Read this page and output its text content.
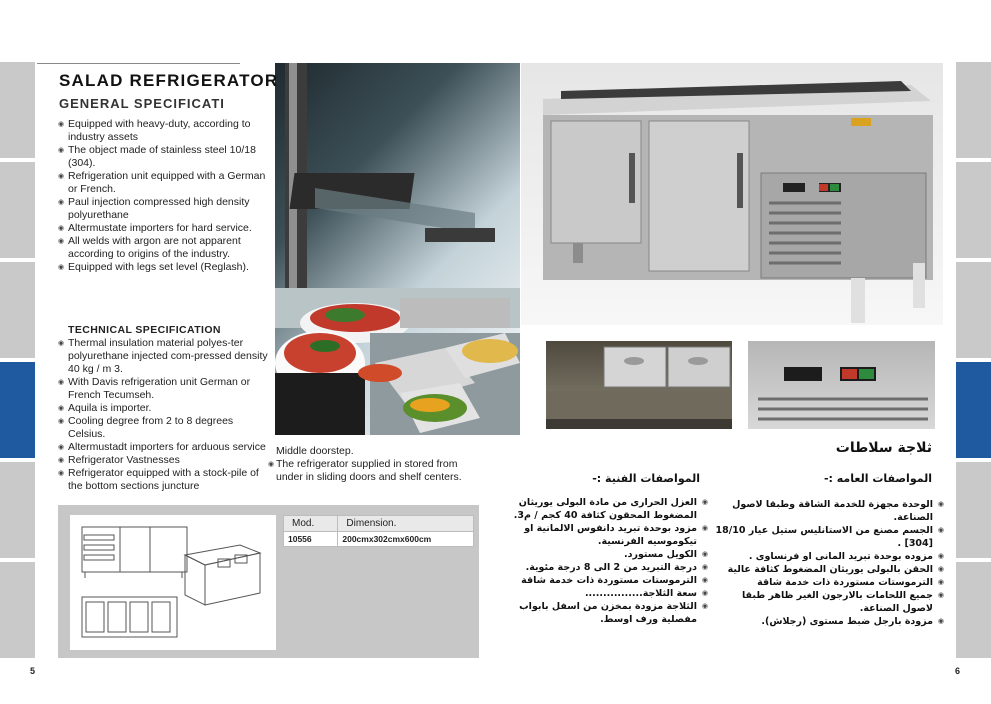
SALAD REFRIGERATOR
GENERAL SPECIFICATI
◉ Equipped with heavy-duty, according to industry assets
◉ The object made of stainless steel 10/18 (304).
◉ Refrigeration unit equipped with a German or French.
◉ Paul injection compressed high density polyurethane
◉ Altermustate importers for hard service.
◉ All welds with argon are not apparent according to origins of the industry.
◉ Equipped with legs set level (Reglash).
TECHNICAL SPECIFICATION
◉ Thermal insulation material polyes-ter polyurethane injected com-pressed density 40 kg / m 3.
◉ With Davis refrigeration unit German or French Tecumseh.
◉ Aquila is importer.
◉ Cooling degree from 2 to 8 degrees Celsius.
◉ Altermustadt importers for arduous service
◉ Refrigerator Vastnesses
◉ Refrigerator equipped with a stock-pile of the bottom sections juncture
Middle doorstep.
◉ The refrigerator supplied in stored from under in sliding doors and shelf centers.
Mod.	Dimension.
10556	200cmx302cmx600cm
ثلاجة سلاطات
المواصفات العامه :-
المواصفات الفنية :-
◉ الوحدة مجهزة للخدمة الشاقة وطبقا لاصول الصناعة.
◉ الجسم مصنع من الاستانليس ستيل عيار 18/10 [304] .
◉ مزوده بوحدة تبريد المانى او فرنساوى .
◉ الحقن بالبولى يوريثان المضغوط كثافة عالية
◉ الترموستات مستوردة ذات خدمة شاقة
◉ جميع اللحامات بالارجون الغير ظاهر طبقا لاصول الصناعة.
◉ مزودة بارجل ضبط مستوى (رجلاش).
◉ العزل الحرارى من مادة البولى يوريثان المضغوط المحقون كثافة 40 كجم / م3.
◉ مزود بوحدة تبريد دانفوس الالمانية او تيكوموسيه الفرنسية.
◉ الكويل مستورد.
◉ درجة التبريد من 2 الى 8 درجة مئوية.
◉ الترموستات مستوردة ذات خدمة شاقة
◉ سعة الثلاجة................
◉ الثلاجة مزودة بمخزن من اسفل بابواب مفصلية ورف اوسط.
5	6
